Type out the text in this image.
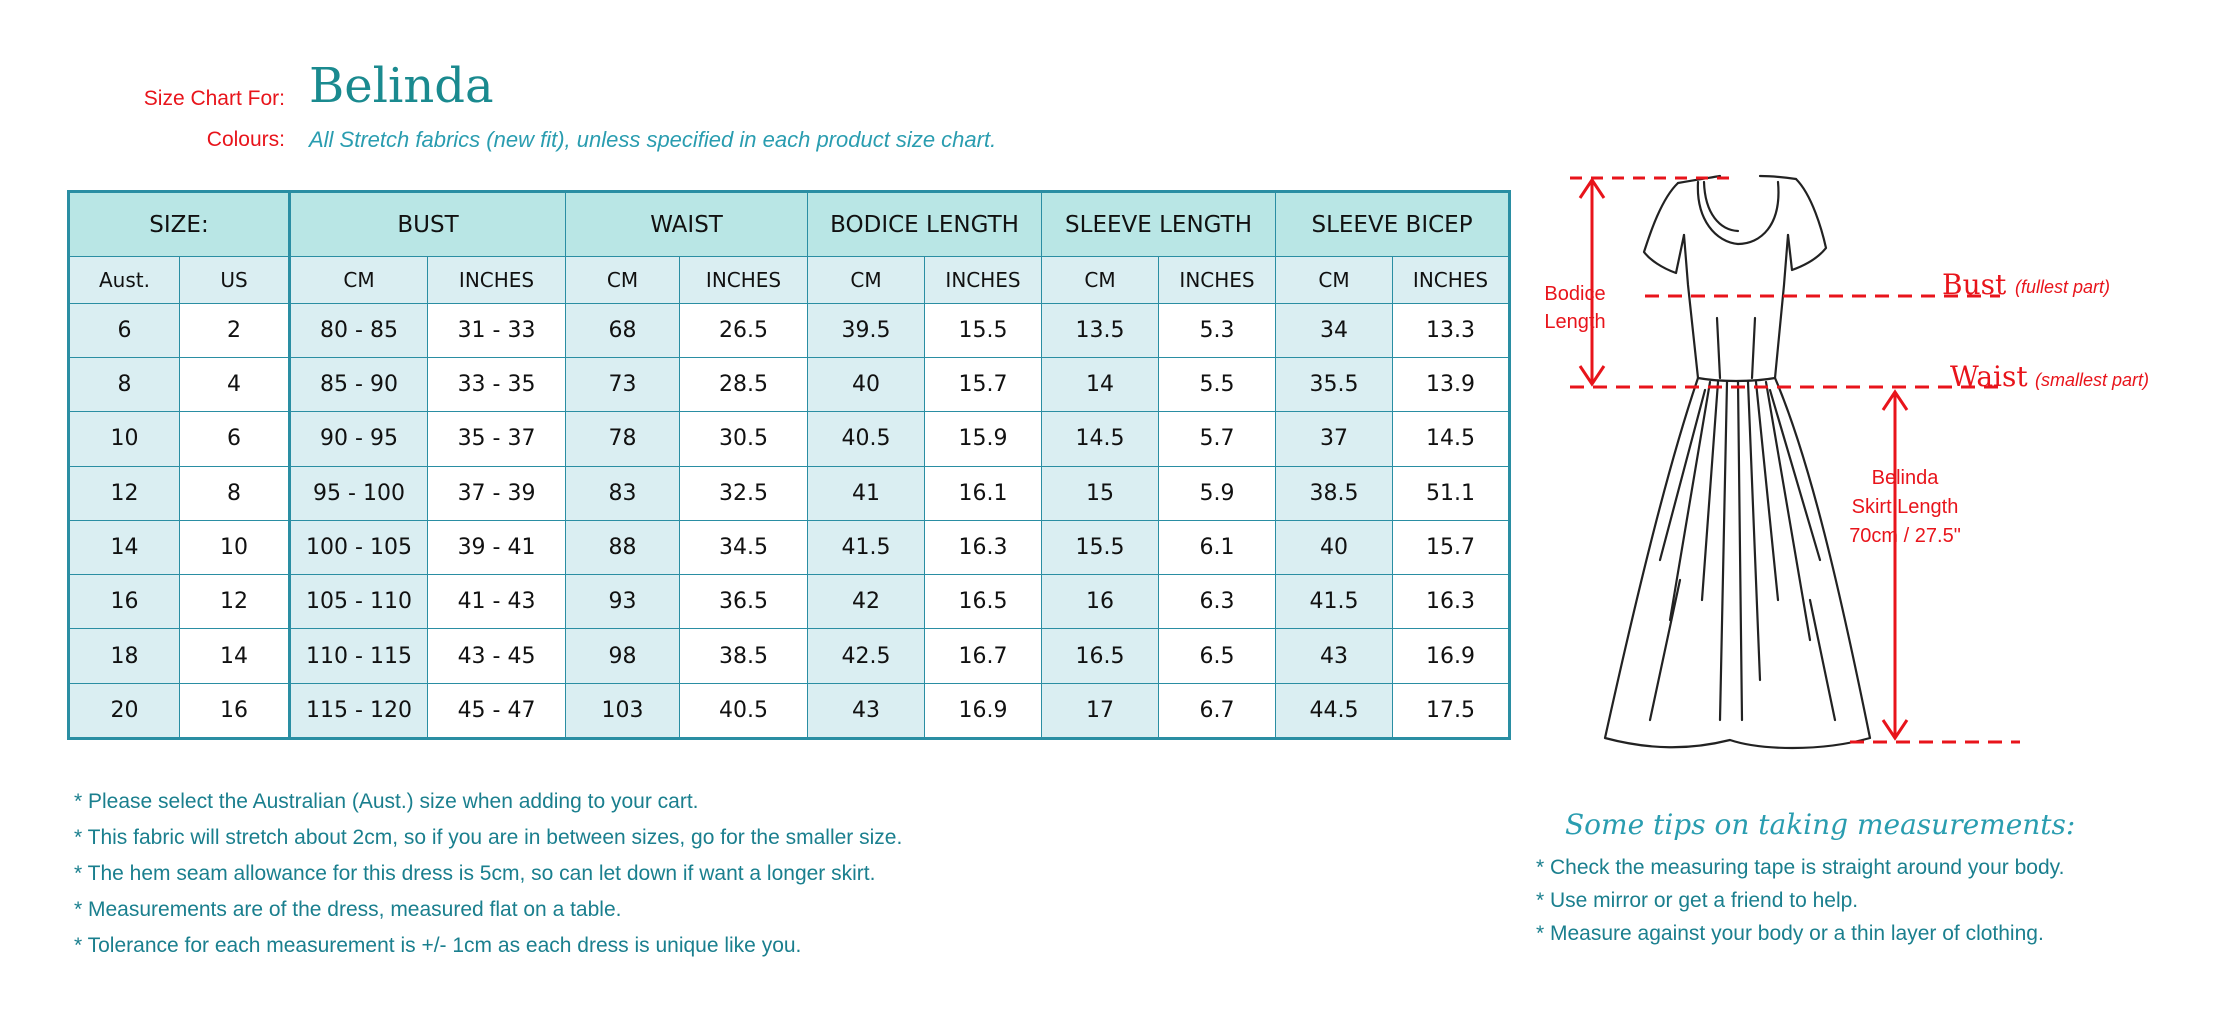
Size Chart For: Belinda
Colours: All Stretch fabrics (new fit), unless specified in each product size chart.
SIZE:		BUST		WAIST		BODICE LENGTH		SLEEVE LENGTH		SLEEVE BICEP	
Aust.	US	CM	INCHES	CM	INCHES	CM	INCHES	CM	INCHES	CM	INCHES
6	2	80 - 85	31 - 33	68	26.5	39.5	15.5	13.5	5.3	34	13.3
8	4	85 - 90	33 - 35	73	28.5	40	15.7	14	5.5	35.5	13.9
10	6	90 - 95	35 - 37	78	30.5	40.5	15.9	14.5	5.7	37	14.5
12	8	95 - 100	37 - 39	83	32.5	41	16.1	15	5.9	38.5	51.1
14	10	100 - 105	39 - 41	88	34.5	41.5	16.3	15.5	6.1	40	15.7
16	12	105 - 110	41 - 43	93	36.5	42	16.5	16	6.3	41.5	16.3
18	14	110 - 115	43 - 45	98	38.5	42.5	16.7	16.5	6.5	43	16.9
20	16	115 - 120	45 - 47	103	40.5	43	16.9	17	6.7	44.5	17.5
* Please select the Australian (Aust.) size when adding to your cart.
* This fabric will stretch about 2cm, so if you are in between sizes, go for the smaller size.
* The hem seam allowance for this dress is 5cm, so can let down if want a longer skirt.
* Measurements are of the dress, measured flat on a table.
* Tolerance for each measurement is +/- 1cm as each dress is unique like you.
Bodice
Length
Bust (fullest part)
Waist (smallest part)
Belinda
Skirt Length
70cm / 27.5"
Some tips on taking measurements:
* Check the measuring tape is straight around your body.
* Use mirror or get a friend to help.
* Measure against your body or a thin layer of clothing.
